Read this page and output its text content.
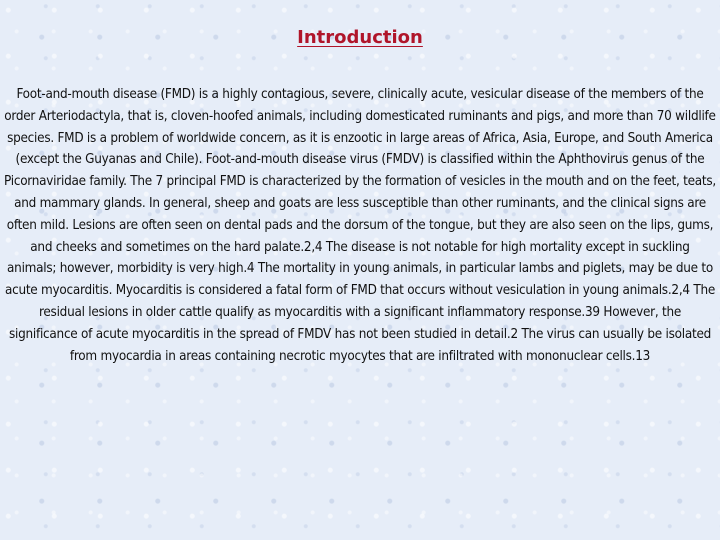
Introduction

Foot-and-mouth disease (FMD) is a highly contagious, severe, clinically acute, vesicular disease of the members of the order Arteriodactyla, that is, cloven-hoofed animals, including domesticated ruminants and pigs, and more than 70 wildlife species. FMD is a problem of worldwide concern, as it is enzootic in large areas of Africa, Asia, Europe, and South America (except the Guyanas and Chile). Foot-and-mouth disease virus (FMDV) is classified within the Aphthovirus genus of the Picornaviridae family. The 7 principal FMD is characterized by the formation of vesicles in the mouth and on the feet, teats, and mammary glands. In general, sheep and goats are less susceptible than other ruminants, and the clinical signs are often mild. Lesions are often seen on dental pads and the dorsum of the tongue, but they are also seen on the lips, gums, and cheeks and sometimes on the hard palate.2,4 The disease is not notable for high mortality except in suckling animals; however, morbidity is very high.4 The mortality in young animals, in particular lambs and piglets, may be due to acute myocarditis. Myocarditis is considered a fatal form of FMD that occurs without vesiculation in young animals.2,4 The residual lesions in older cattle qualify as myocarditis with a significant inflammatory response.39 However, the significance of acute myocarditis in the spread of FMDV has not been studied in detail.2 The virus can usually be isolated from myocardia in areas containing necrotic myocytes that are infiltrated with mononuclear cells.13
